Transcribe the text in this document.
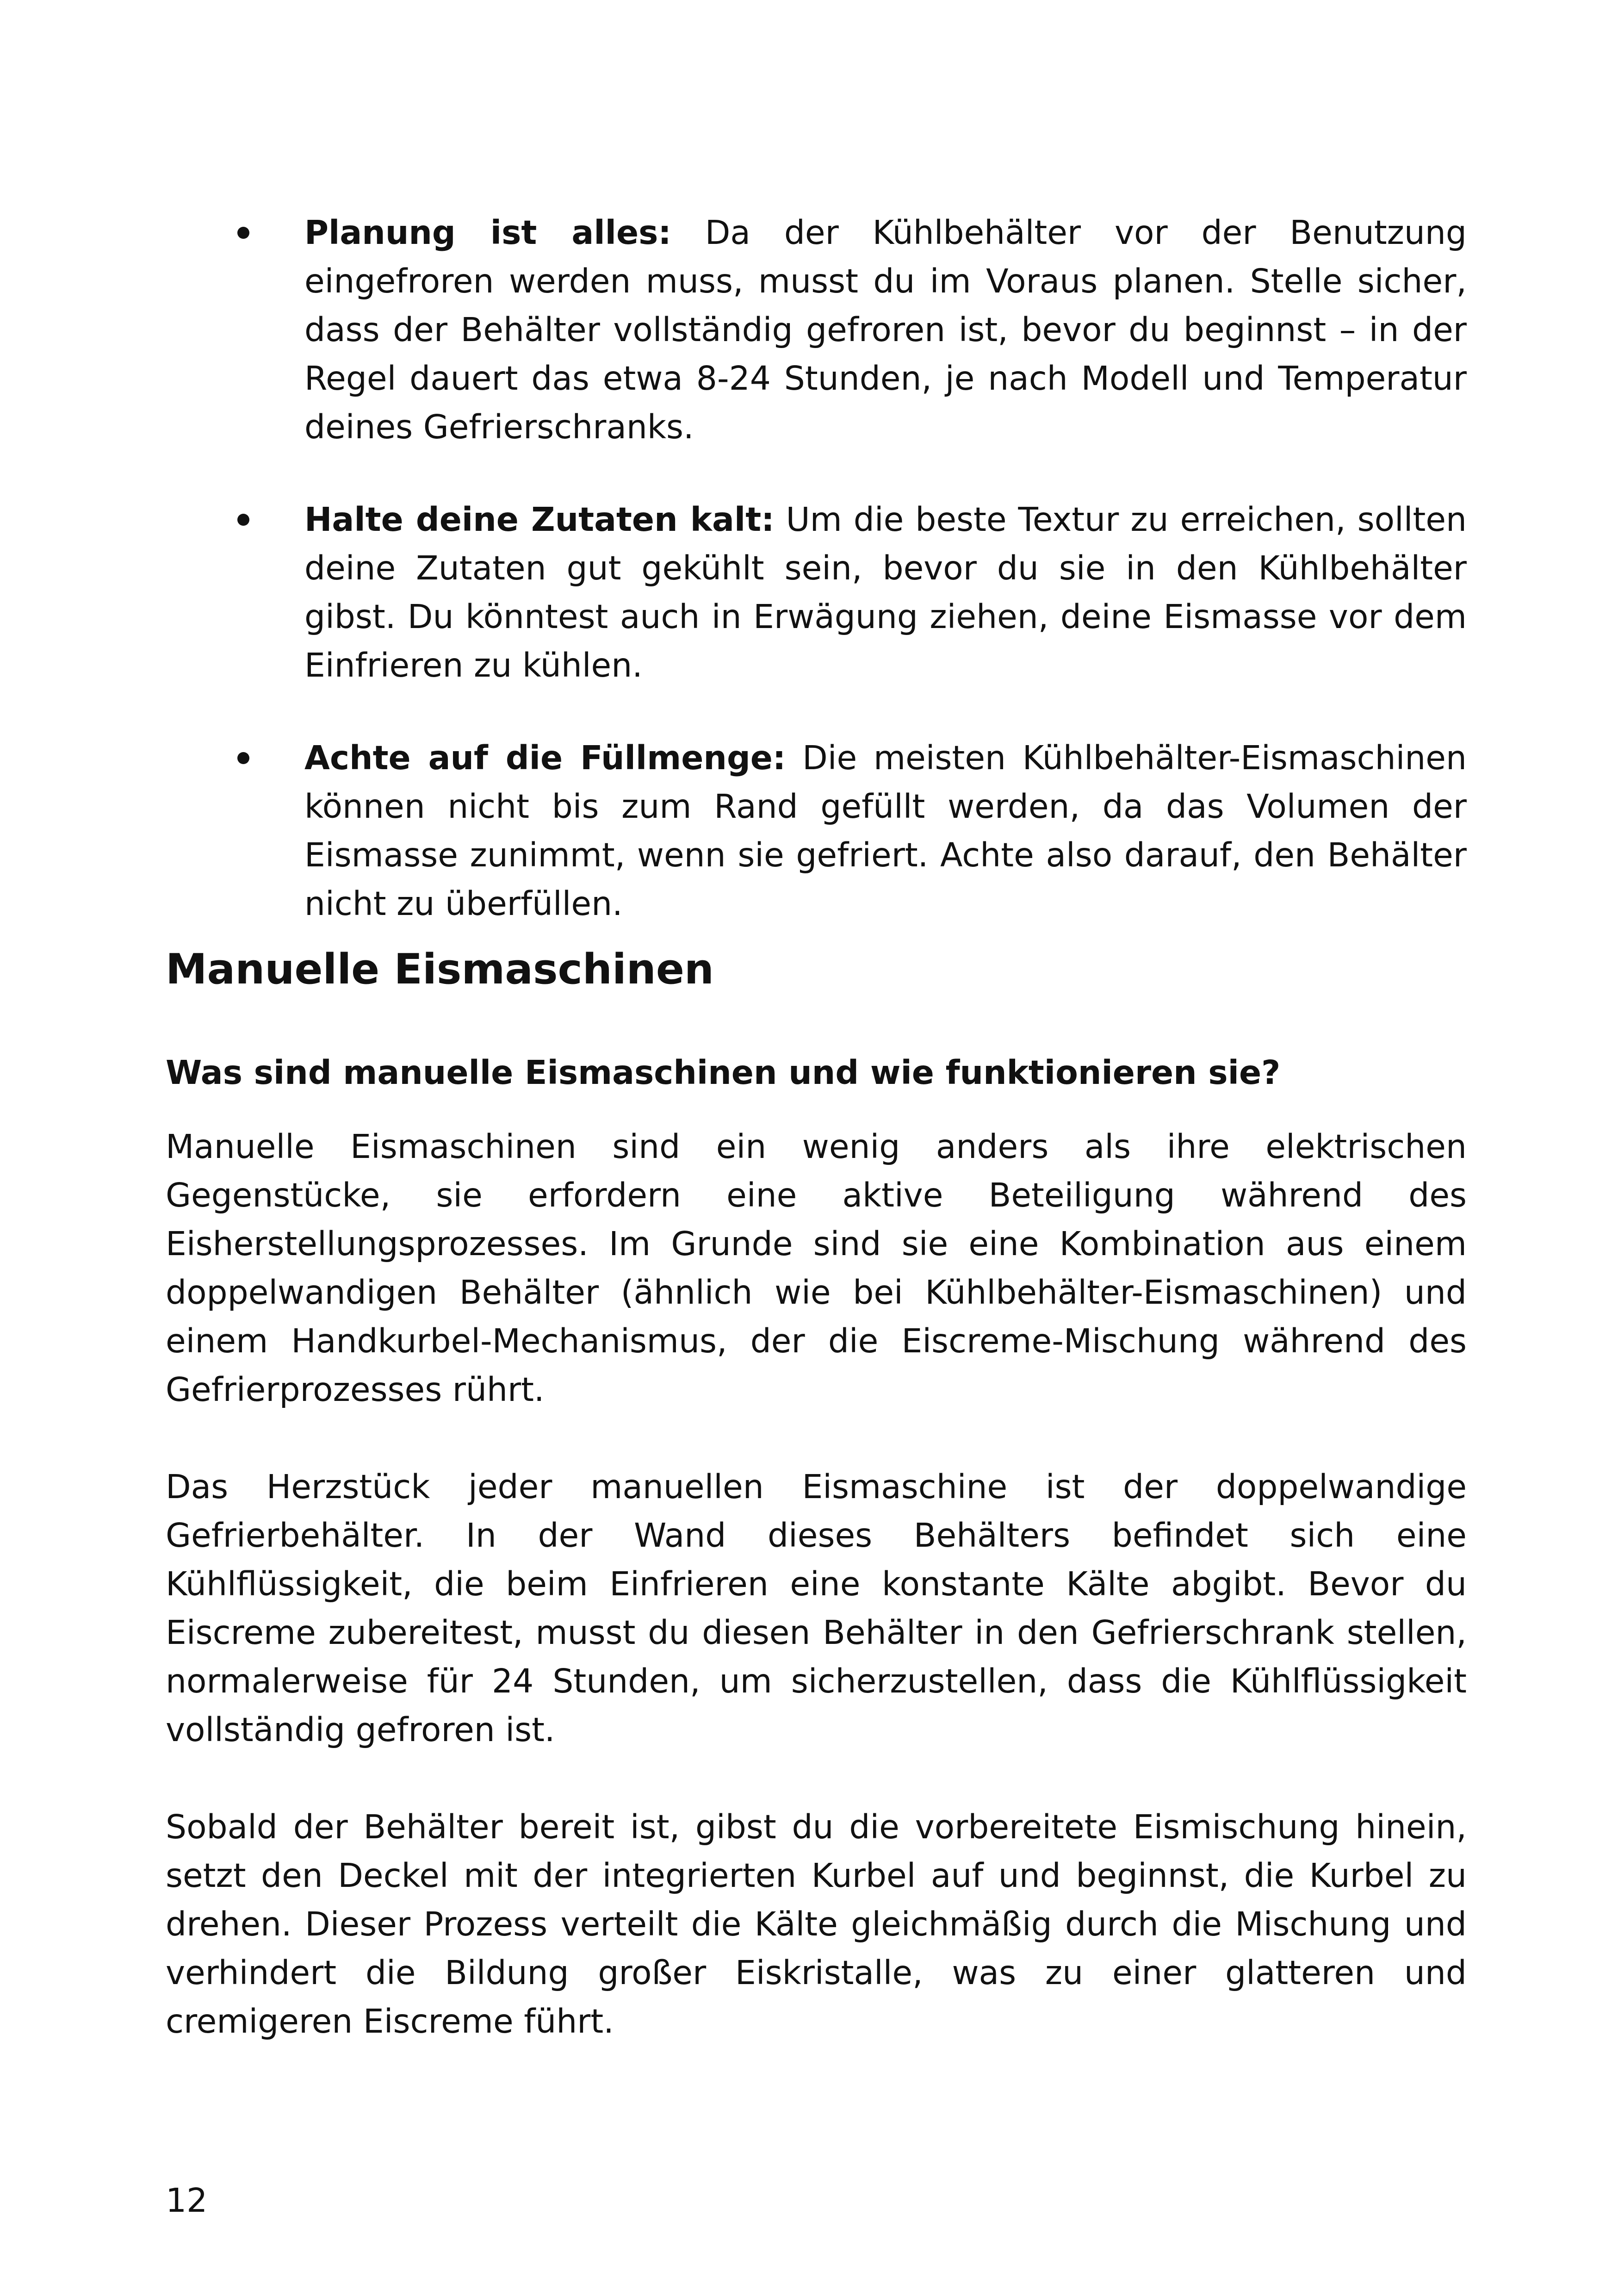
Planung ist alles: Da der Kühlbehälter vor der Benutzung eingefroren werden muss, musst du im Voraus planen. Stelle sicher, dass der Behälter vollständig gefroren ist, bevor du beginnst – in der Regel dauert das etwa 8-24 Stunden, je nach Modell und Temperatur deines Gefrierschranks.
Halte deine Zutaten kalt: Um die beste Textur zu erreichen, sollten deine Zutaten gut gekühlt sein, bevor du sie in den Kühlbehälter gibst. Du könntest auch in Erwägung ziehen, deine Eismasse vor dem Einfrieren zu kühlen.
Achte auf die Füllmenge: Die meisten Kühlbehälter-Eismaschinen können nicht bis zum Rand gefüllt werden, da das Volumen der Eismasse zunimmt, wenn sie gefriert. Achte also darauf, den Behälter nicht zu überfüllen.
Manuelle Eismaschinen
Was sind manuelle Eismaschinen und wie funktionieren sie?

Manuelle Eismaschinen sind ein wenig anders als ihre elektrischen Gegenstücke, sie erfordern eine aktive Beteiligung während des Eisherstellungsprozesses. Im Grunde sind sie eine Kombination aus einem doppelwandigen Behälter (ähnlich wie bei Kühlbehälter-Eismaschinen) und einem Handkurbel-Mechanismus, der die Eiscreme-Mischung während des Gefrierprozesses rührt.

Das Herzstück jeder manuellen Eismaschine ist der doppelwandige Gefrierbehälter. In der Wand dieses Behälters befindet sich eine Kühlflüssigkeit, die beim Einfrieren eine konstante Kälte abgibt. Bevor du Eiscreme zubereitest, musst du diesen Behälter in den Gefrierschrank stellen, normalerweise für 24 Stunden, um sicherzustellen, dass die Kühlflüssigkeit vollständig gefroren ist.

Sobald der Behälter bereit ist, gibst du die vorbereitete Eismischung hinein, setzt den Deckel mit der integrierten Kurbel auf und beginnst, die Kurbel zu drehen. Dieser Prozess verteilt die Kälte gleichmäßig durch die Mischung und verhindert die Bildung großer Eiskristalle, was zu einer glatteren und cremigeren Eiscreme führt.

12
